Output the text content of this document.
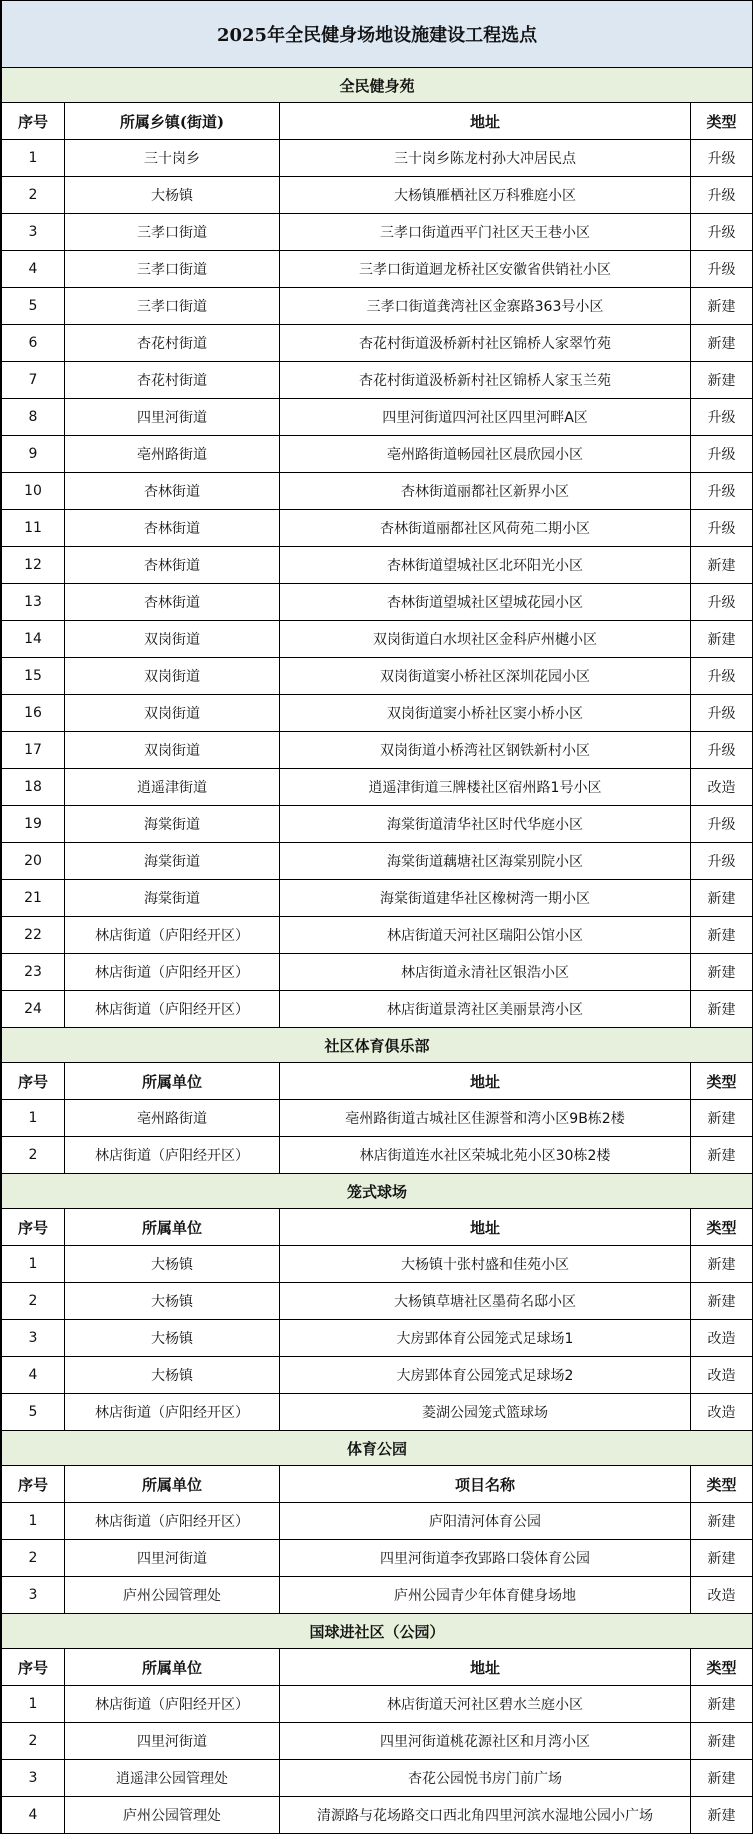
2025年全民健身场地设施建设工程选点			
全民健身苑			
序号	所属乡镇(街道)	地址	类型
1	三十岗乡	三十岗乡陈龙村孙大冲居民点	升级
2	大杨镇	大杨镇雁栖社区万科雅庭小区	升级
3	三孝口街道	三孝口街道西平门社区天王巷小区	升级
4	三孝口街道	三孝口街道迴龙桥社区安徽省供销社小区	升级
5	三孝口街道	三孝口街道龚湾社区金寨路363号小区	新建
6	杏花村街道	杏花村街道汲桥新村社区锦桥人家翠竹苑	新建
7	杏花村街道	杏花村街道汲桥新村社区锦桥人家玉兰苑	新建
8	四里河街道	四里河街道四河社区四里河畔A区	升级
9	亳州路街道	亳州路街道畅园社区晨欣园小区	升级
10	杏林街道	杏林街道丽都社区新界小区	升级
11	杏林街道	杏林街道丽都社区风荷苑二期小区	升级
12	杏林街道	杏林街道望城社区北环阳光小区	新建
13	杏林街道	杏林街道望城社区望城花园小区	升级
14	双岗街道	双岗街道白水坝社区金科庐州樾小区	新建
15	双岗街道	双岗街道窦小桥社区深圳花园小区	升级
16	双岗街道	双岗街道窦小桥社区窦小桥小区	升级
17	双岗街道	双岗街道小桥湾社区钢铁新村小区	升级
18	逍遥津街道	逍遥津街道三牌楼社区宿州路1号小区	改造
19	海棠街道	海棠街道清华社区时代华庭小区	升级
20	海棠街道	海棠街道藕塘社区海棠别院小区	升级
21	海棠街道	海棠街道建华社区橡树湾一期小区	新建
22	林店街道（庐阳经开区）	林店街道天河社区瑞阳公馆小区	新建
23	林店街道（庐阳经开区）	林店街道永清社区银浩小区	新建
24	林店街道（庐阳经开区）	林店街道景湾社区美丽景湾小区	新建
社区体育俱乐部			
序号	所属单位	地址	类型
1	亳州路街道	亳州路街道古城社区佳源誉和湾小区9B栋2楼	新建
2	林店街道（庐阳经开区）	林店街道连水社区荣城北苑小区30栋2楼	新建
笼式球场			
序号	所属单位	地址	类型
1	大杨镇	大杨镇十张村盛和佳苑小区	新建
2	大杨镇	大杨镇草塘社区墨荷名邸小区	新建
3	大杨镇	大房郢体育公园笼式足球场1	改造
4	大杨镇	大房郢体育公园笼式足球场2	改造
5	林店街道（庐阳经开区）	菱湖公园笼式篮球场	改造
体育公园			
序号	所属单位	项目名称	类型
1	林店街道（庐阳经开区）	庐阳清河体育公园	新建
2	四里河街道	四里河街道李孜郢路口袋体育公园	新建
3	庐州公园管理处	庐州公园青少年体育健身场地	改造
国球进社区（公园）			
序号	所属单位	地址	类型
1	林店街道（庐阳经开区）	林店街道天河社区碧水兰庭小区	新建
2	四里河街道	四里河街道桃花源社区和月湾小区	新建
3	逍遥津公园管理处	杏花公园悦书房门前广场	新建
4	庐州公园管理处	清源路与花场路交口西北角四里河滨水湿地公园小广场	新建
